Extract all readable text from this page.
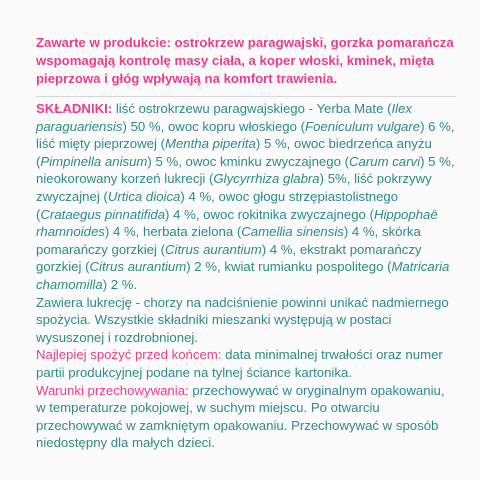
Zawarte w produkcie: ostrokrzew paragwajski, gorzka pomarańcza wspomagają kontrolę masy ciała, a koper włoski, kminek, mięta pieprzowa i głóg wpływają na komfort trawienia.

SKŁADNIKI: liść ostrokrzewu paragwajskiego - Yerba Mate (Ilex paraguariensis) 50 %, owoc kopru włoskiego (Foeniculum vulgare) 6 %, liść mięty pieprzowej (Mentha piperita) 5 %, owoc biedrzeńca anyżu (Pimpinella anisum) 5 %, owoc kminku zwyczajnego (Carum carvi) 5 %, nieokorowany korzeń lukrecji (Glycyrrhiza glabra) 5%, liść pokrzywy zwyczajnej (Urtica dioica) 4 %, owoc głogu strzępiastolistnego (Crataegus pinnatifida) 4 %, owoc rokitnika zwyczajnego (Hippophaë rhamnoides) 4 %, herbata zielona (Camellia sinensis) 4 %, skórka pomarańczy gorzkiej (Citrus aurantium) 4 %, ekstrakt pomarańczy gorzkiej (Citrus aurantium) 2 %, kwiat rumianku pospolitego (Matricaria chamomilla) 2 %.

Zawiera lukrecję - chorzy na nadciśnienie powinni unikać nadmiernego spożycia. Wszystkie składniki mieszanki występują w postaci wysuszonej i rozdrobnionej.

Najlepiej spożyć przed końcem: data minimalnej trwałości oraz numer partii produkcyjnej podane na tylnej ściance kartonika.

Warunki przechowywania: przechowywać w oryginalnym opakowaniu, w temperaturze pokojowej, w suchym miejscu. Po otwarciu przechowywać w zamkniętym opakowaniu. Przechowywać w sposób niedostępny dla małych dzieci.
